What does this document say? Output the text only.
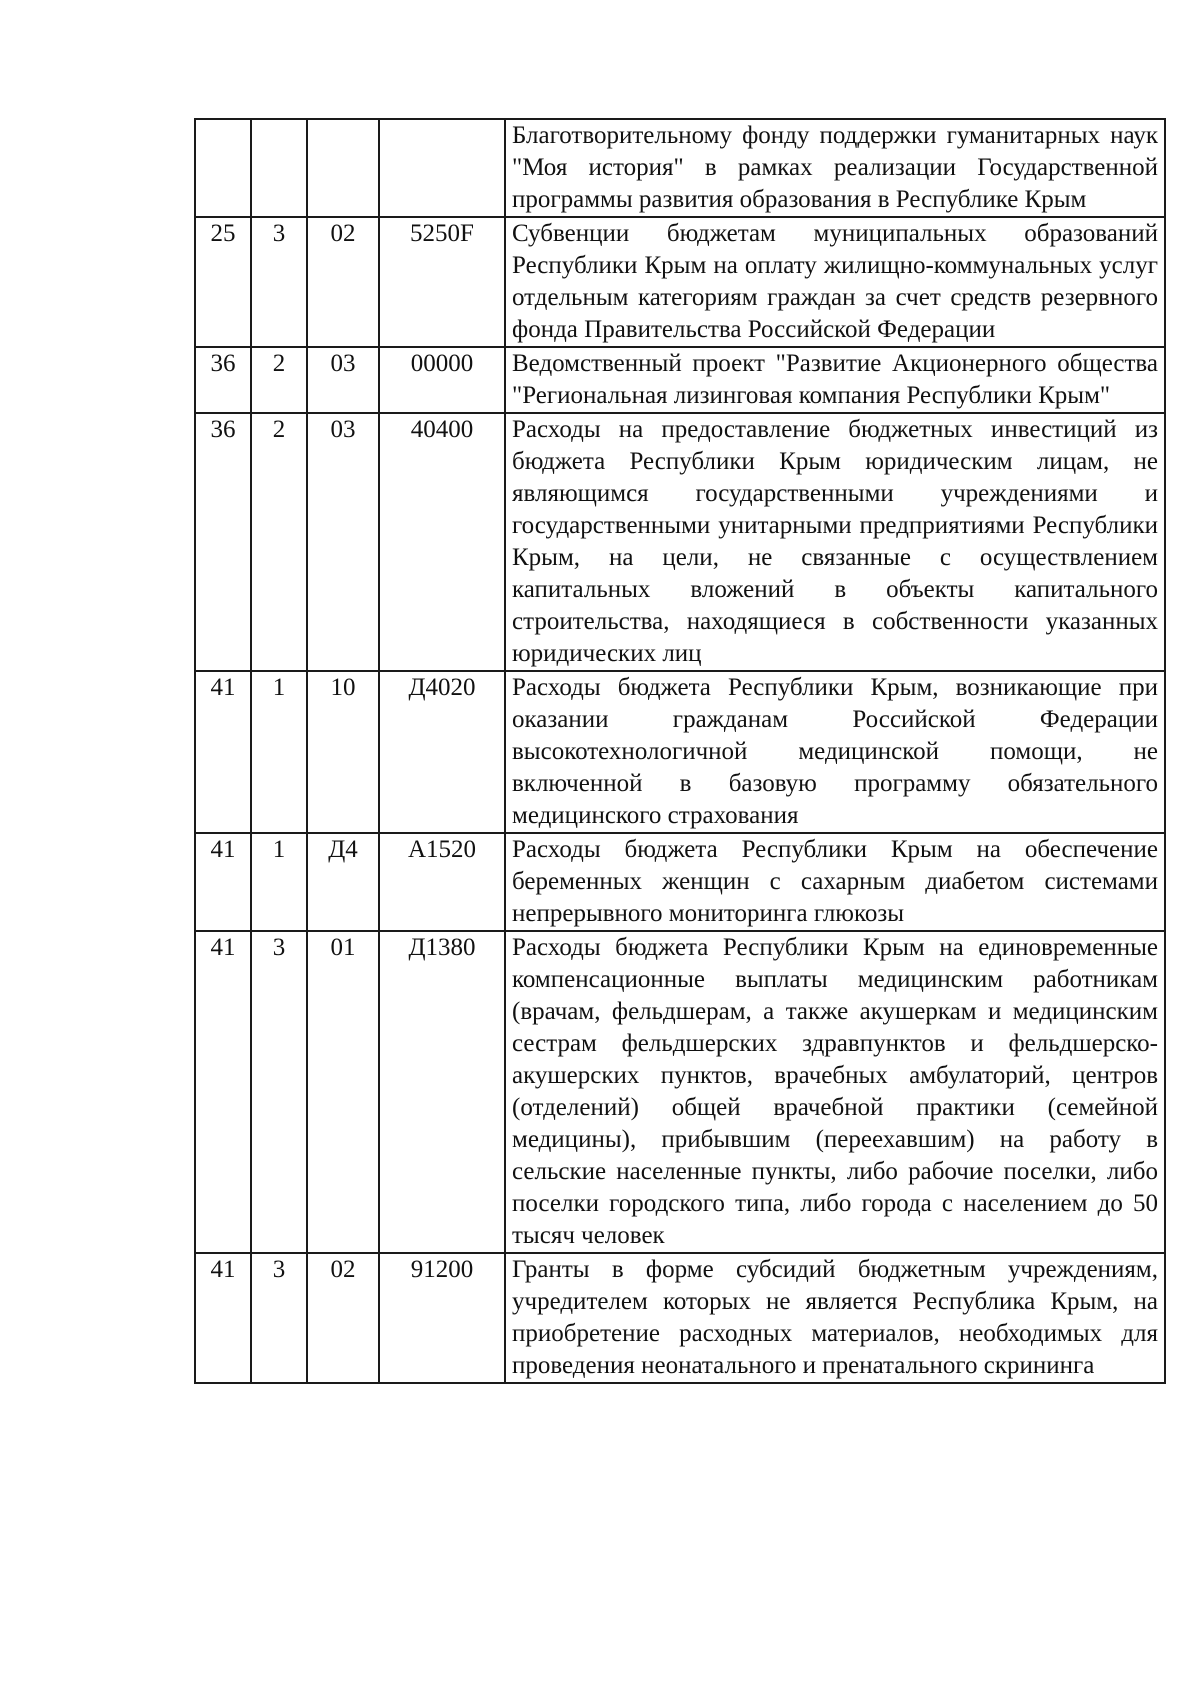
				Благотворительному фонду поддержки гуманитарных наук "Моя история" в рамках реализации Государственной программы развития образования в Республике Крым
25	3	02	5250F	Субвенции бюджетам муниципальных образований Республики Крым на оплату жилищно-коммунальных услуг отдельным категориям граждан за счет средств резервного фонда Правительства Российской Федерации
36	2	03	00000	Ведомственный проект "Развитие Акционерного общества "Региональная лизинговая компания Республики Крым"
36	2	03	40400	Расходы на предоставление бюджетных инвестиций из бюджета Республики Крым юридическим лицам, не являющимся государственными учреждениями и государственными унитарными предприятиями Республики Крым, на цели, не связанные с осуществлением капитальных вложений в объекты капитального строительства, находящиеся в собственности указанных юридических лиц
41	1	10	Д4020	Расходы бюджета Республики Крым, возникающие при оказании гражданам Российской Федерации высокотехнологичной медицинской помощи, не включенной в базовую программу обязательного медицинского страхования
41	1	Д4	А1520	Расходы бюджета Республики Крым на обеспечение беременных женщин с сахарным диабетом системами непрерывного мониторинга глюкозы
41	3	01	Д1380	Расходы бюджета Республики Крым на единовременные компенсационные выплаты медицинским работникам (врачам, фельдшерам, а также акушеркам и медицинским сестрам фельдшерских здравпунктов и фельдшерско-акушерских пунктов, врачебных амбулаторий, центров (отделений) общей врачебной практики (семейной медицины), прибывшим (переехавшим) на работу в сельские населенные пункты, либо рабочие поселки, либо поселки городского типа, либо города с населением до 50 тысяч человек
41	3	02	91200	Гранты в форме субсидий бюджетным учреждениям, учредителем которых не является Республика Крым, на приобретение расходных материалов, необходимых для проведения неонатального и пренатального скрининга
